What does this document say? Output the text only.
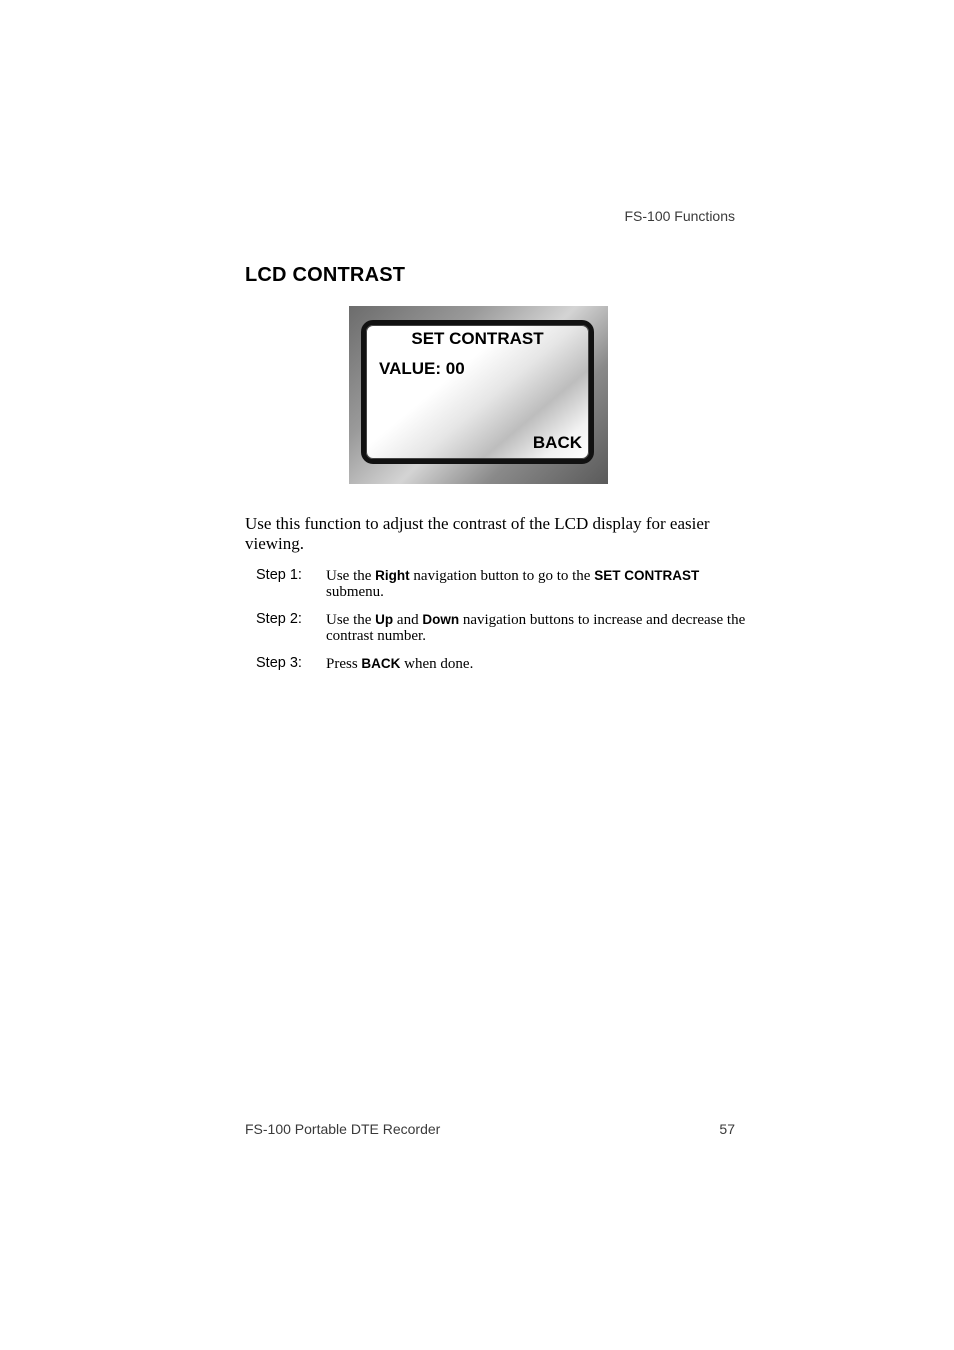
FS-100 Functions
LCD CONTRAST
SET CONTRAST
VALUE: 00
BACK

Use this function to adjust the contrast of the LCD display for easier viewing.

Step 1:	Use the Right navigation button to go to the SET CONTRAST submenu.
Step 2:	Use the Up and Down navigation buttons to increase and decrease the contrast number.
Step 3:	Press BACK when done.
FS-100 Portable DTE Recorder	57
